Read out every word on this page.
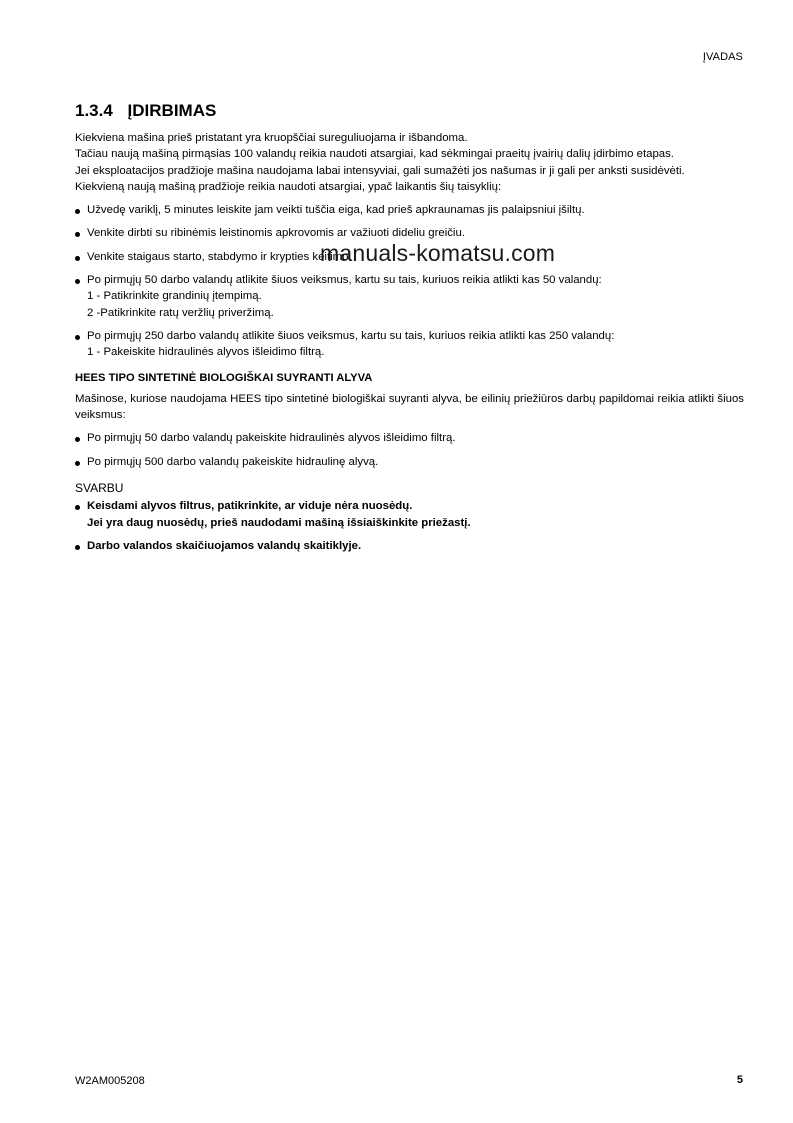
ĮVADAS
1.3.4 ĮDIRBIMAS

Kiekviena mašina prieš pristatant yra kruopščiai sureguliuojama ir išbandoma.

Tačiau naują mašiną pirmąsias 100 valandų reikia naudoti atsargiai, kad sėkmingai praeitų įvairių dalių įdirbimo etapas.

Jei eksploatacijos pradžioje mašina naudojama labai intensyviai, gali sumažėti jos našumas ir ji gali per anksti susidėvėti.

Kiekvieną naują mašiną pradžioje reikia naudoti atsargiai, ypač laikantis šių taisyklių:

Užvedę variklį, 5 minutes leiskite jam veikti tuščia eiga, kad prieš apkraunamas jis palaipsniui įšiltų.
Venkite dirbti su ribinėmis leistinomis apkrovomis ar važiuoti dideliu greičiu.
Venkite staigaus starto, stabdymo ir krypties keitimo.
Po pirmųjų 50 darbo valandų atlikite šiuos veiksmus, kartu su tais, kuriuos reikia atlikti kas 50 valandų:
1 - Patikrinkite grandinių įtempimą.
2 -Patikrinkite ratų veržlių priveržimą.
Po pirmųjų 250 darbo valandų atlikite šiuos veiksmus, kartu su tais, kuriuos reikia atlikti kas 250 valandų:
1 - Pakeiskite hidraulinės alyvos išleidimo filtrą.
HEES TIPO SINTETINĖ BIOLOGIŠKAI SUYRANTI ALYVA

Mašinose, kuriose naudojama HEES tipo sintetinė biologiškai suyranti alyva, be eilinių priežiūros darbų papildomai reikia atlikti šiuos veiksmus:

Po pirmųjų 50 darbo valandų pakeiskite hidraulinės alyvos išleidimo filtrą.
Po pirmųjų 500 darbo valandų pakeiskite hidraulinę alyvą.
SVARBU
Keisdami alyvos filtrus, patikrinkite, ar viduje nėra nuosėdų.
Jei yra daug nuosėdų, prieš naudodami mašiną išsiaiškinkite priežastį.
Darbo valandos skaičiuojamos valandų skaitiklyje.
manuals-komatsu.com
W2AM005208	5
